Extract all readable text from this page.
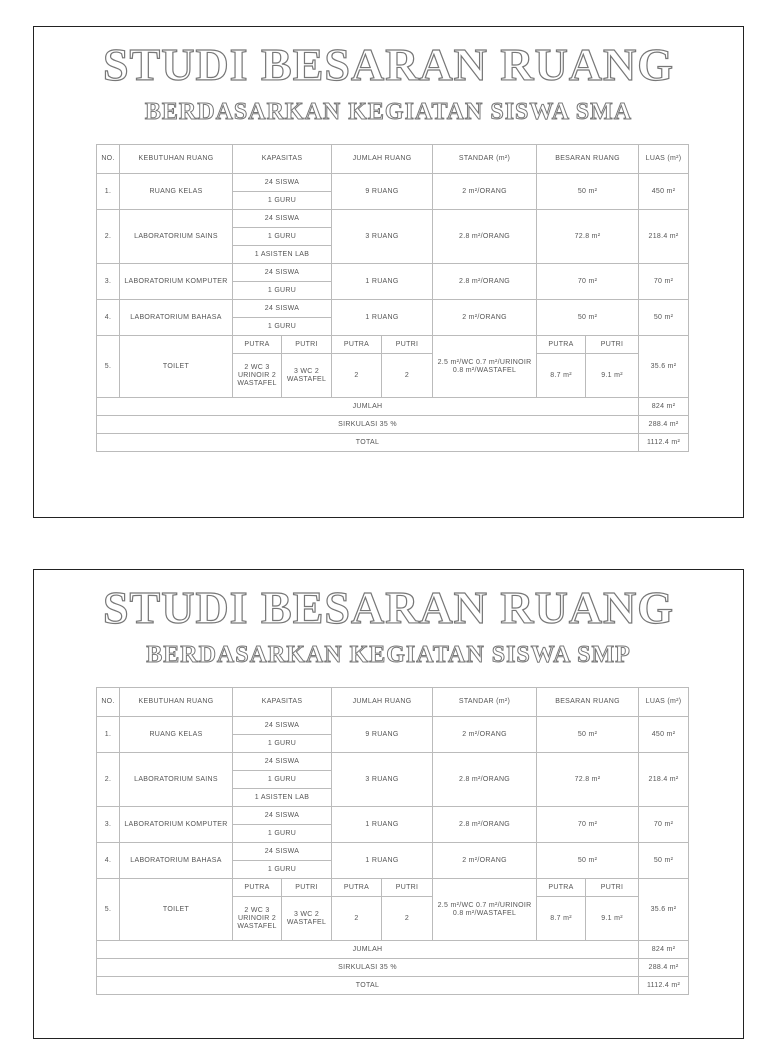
STUDI BESARAN RUANG
BERDASARKAN KEGIATAN SISWA SMA
NO.	KEBUTUHAN RUANG	KAPASITAS		JUMLAH RUANG		STANDAR (m²)	BESARAN RUANG		LUAS (m²)
1.	RUANG KELAS	24 SISWA		9 RUANG		2 m²/ORANG	50 m²		450 m²
		1 GURU							
2.	LABORATORIUM SAINS	24 SISWA		3 RUANG		2.8 m²/ORANG	72.8 m²		218.4 m²
		1 GURU							
		1 ASISTEN LAB							
3.	LABORATORIUM KOMPUTER	24 SISWA		1 RUANG		2.8 m²/ORANG	70 m²		70 m²
		1 GURU							
4.	LABORATORIUM BAHASA	24 SISWA		1 RUANG		2 m²/ORANG	50 m²		50 m²
		1 GURU							
5.	TOILET	PUTRA	PUTRI	PUTRA	PUTRI	2.5 m²/WC 0.7 m²/URINOIR 0.8 m²/WASTAFEL	PUTRA	PUTRI	35.6 m²
		2 WC 3 URINOIR 2 WASTAFEL	3 WC 2 WASTAFEL	2	2		8.7 m²	9.1 m²	
JUMLAH									824 m²
SIRKULASI 35 %									288.4 m²
TOTAL									1112.4 m²
STUDI BESARAN RUANG
BERDASARKAN KEGIATAN SISWA SMP
NO.	KEBUTUHAN RUANG	KAPASITAS		JUMLAH RUANG		STANDAR (m²)	BESARAN RUANG		LUAS (m²)
1.	RUANG KELAS	24 SISWA		9 RUANG		2 m²/ORANG	50 m²		450 m²
		1 GURU							
2.	LABORATORIUM SAINS	24 SISWA		3 RUANG		2.8 m²/ORANG	72.8 m²		218.4 m²
		1 GURU							
		1 ASISTEN LAB							
3.	LABORATORIUM KOMPUTER	24 SISWA		1 RUANG		2.8 m²/ORANG	70 m²		70 m²
		1 GURU							
4.	LABORATORIUM BAHASA	24 SISWA		1 RUANG		2 m²/ORANG	50 m²		50 m²
		1 GURU							
5.	TOILET	PUTRA	PUTRI	PUTRA	PUTRI	2.5 m²/WC 0.7 m²/URINOIR 0.8 m²/WASTAFEL	PUTRA	PUTRI	35.6 m²
		2 WC 3 URINOIR 2 WASTAFEL	3 WC 2 WASTAFEL	2	2		8.7 m²	9.1 m²	
JUMLAH									824 m²
SIRKULASI 35 %									288.4 m²
TOTAL									1112.4 m²
